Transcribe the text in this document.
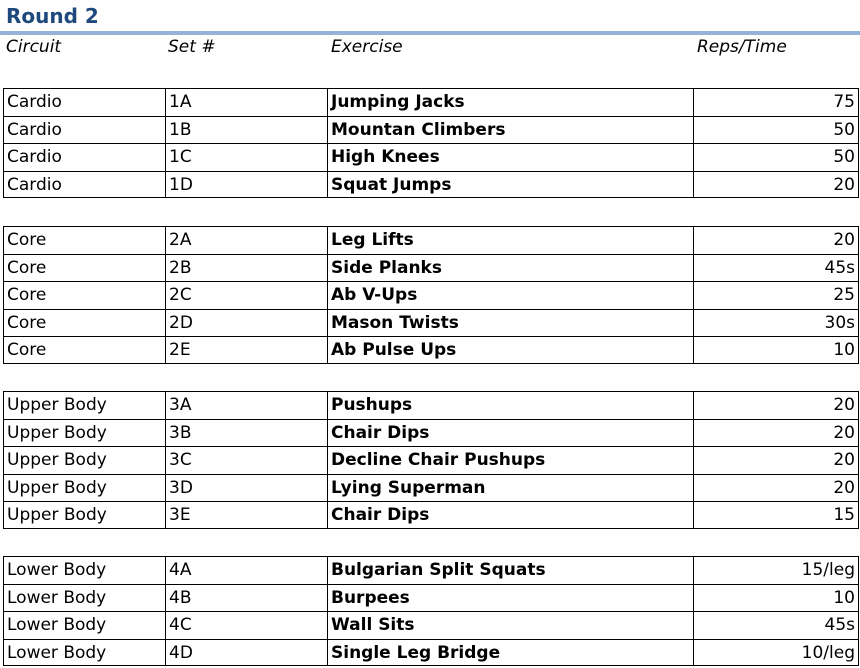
Round 2
Circuit	Set #	Exercise	Reps/Time
Cardio	1A	Jumping Jacks	75
Cardio	1B	Mountan Climbers	50
Cardio	1C	High Knees	50
Cardio	1D	Squat Jumps	20
Core	2A	Leg Lifts	20
Core	2B	Side Planks	45s
Core	2C	Ab V-Ups	25
Core	2D	Mason Twists	30s
Core	2E	Ab Pulse Ups	10
Upper Body	3A	Pushups	20
Upper Body	3B	Chair Dips	20
Upper Body	3C	Decline Chair Pushups	20
Upper Body	3D	Lying Superman	20
Upper Body	3E	Chair Dips	15
Lower Body	4A	Bulgarian Split Squats	15/leg
Lower Body	4B	Burpees	10
Lower Body	4C	Wall Sits	45s
Lower Body	4D	Single Leg Bridge	10/leg
